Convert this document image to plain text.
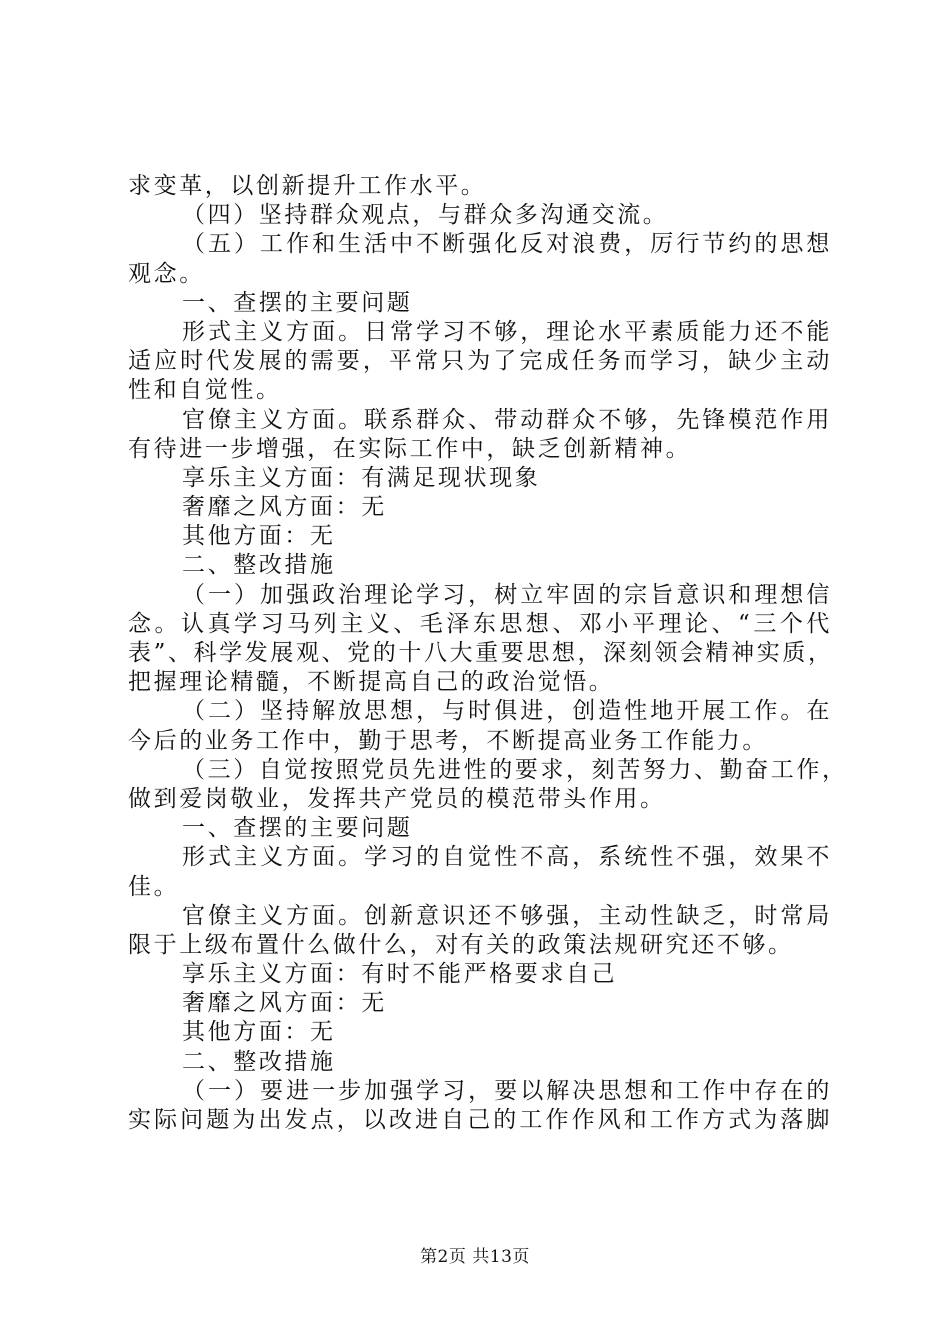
求变革，以创新提升工作水平。
（四）坚持群众观点，与群众多沟通交流。
（五）工作和生活中不断强化反对浪费，厉行节约的思想
观念。
一、查摆的主要问题
形式主义方面。日常学习不够，理论水平素质能力还不能
适应时代发展的需要，平常只为了完成任务而学习，缺少主动
性和自觉性。
官僚主义方面。联系群众、带动群众不够，先锋模范作用
有待进一步增强，在实际工作中，缺乏创新精神。
享乐主义方面：有满足现状现象
奢靡之风方面：无
其他方面：无
二、整改措施
（一）加强政治理论学习，树立牢固的宗旨意识和理想信
念。认真学习马列主义、毛泽东思想、邓小平理论、“三个代
表”、科学发展观、党的十八大重要思想，深刻领会精神实质，
把握理论精髓，不断提高自己的政治觉悟。
（二）坚持解放思想，与时俱进，创造性地开展工作。在
今后的业务工作中，勤于思考，不断提高业务工作能力。
（三）自觉按照党员先进性的要求，刻苦努力、勤奋工作，
做到爱岗敬业，发挥共产党员的模范带头作用。
一、查摆的主要问题
形式主义方面。学习的自觉性不高，系统性不强，效果不
佳。
官僚主义方面。创新意识还不够强，主动性缺乏，时常局
限于上级布置什么做什么，对有关的政策法规研究还不够。
享乐主义方面：有时不能严格要求自己
奢靡之风方面：无
其他方面：无
二、整改措施
（一）要进一步加强学习，要以解决思想和工作中存在的
实际问题为出发点，以改进自己的工作作风和工作方式为落脚
第2页 共13页
